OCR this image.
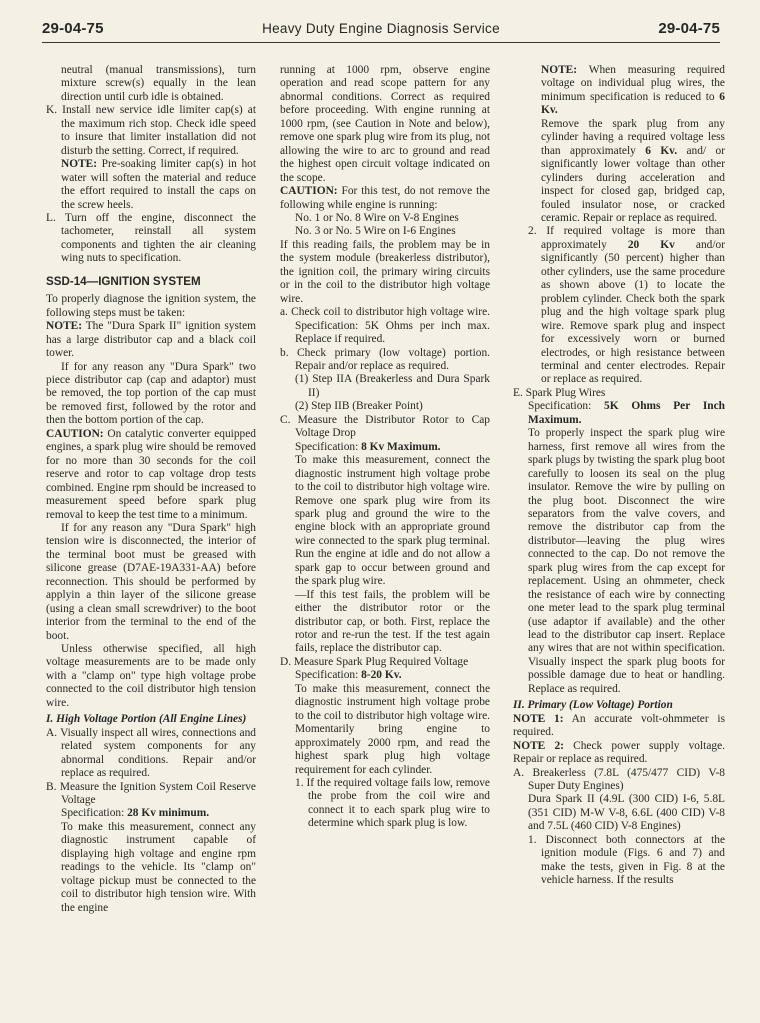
29-04-75	Heavy Duty Engine Diagnosis Service	29-04-75

neutral (manual transmissions), turn mixture screw(s) equally in the lean direction until curb idle is obtained.

K. Install new service idle limiter cap(s) at the maximum rich stop. Check idle speed to insure that limiter installation did not disturb the setting. Correct, if required.

NOTE: Pre-soaking limiter cap(s) in hot water will soften the material and reduce the effort required to install the caps on the screw heels.

L. Turn off the engine, disconnect the tachometer, reinstall all system components and tighten the air cleaning wing nuts to specification.

SSD-14—IGNITION SYSTEM

To properly diagnose the ignition system, the following steps must be taken:

NOTE: The "Dura Spark II" ignition system has a large distributor cap and a black coil tower.

If for any reason any "Dura Spark" two piece distributor cap (cap and adaptor) must be removed, the top portion of the cap must be removed first, followed by the rotor and then the bottom portion of the cap.

CAUTION: On catalytic converter equipped engines, a spark plug wire should be removed for no more than 30 seconds for the coil reserve and rotor to cap voltage drop tests combined. Engine rpm should be increased to measurement speed before spark plug removal to keep the test time to a minimum.

If for any reason any "Dura Spark" high tension wire is disconnected, the interior of the terminal boot must be greased with silicone grease (D7AE-19A331-AA) before reconnection. This should be performed by applyin a thin layer of the silicone grease (using a clean small screwdriver) to the boot interior from the terminal to the end of the boot.

Unless otherwise specified, all high voltage measurements are to be made only with a "clamp on" type high voltage probe connected to the coil distributor high tension wire.

I. High Voltage Portion (All Engine Lines)

A. Visually inspect all wires, connections and related system components for any abnormal conditions. Repair and/or replace as required.

B. Measure the Ignition System Coil Reserve Voltage

Specification: 28 Kv minimum.

To make this measurement, connect any diagnostic instrument capable of displaying high voltage and engine rpm readings to the vehicle. Its "clamp on" voltage pickup must be connected to the coil to distributor high tension wire. With the engine

running at 1000 rpm, observe engine operation and read scope pattern for any abnormal conditions. Correct as required before proceeding. With engine running at 1000 rpm, (see Caution in Note and below), remove one spark plug wire from its plug, not allowing the wire to arc to ground and read the highest open circuit voltage indicated on the scope.

CAUTION: For this test, do not remove the following while engine is running:

No. 1 or No. 8 Wire on V-8 Engines

No. 3 or No. 5 Wire on I-6 Engines

If this reading fails, the problem may be in the system module (breakerless distributor), the ignition coil, the primary wiring circuits or in the coil to the distributor high voltage wire.

a. Check coil to distributor high voltage wire. Specification: 5K Ohms per inch max. Replace if required.

b. Check primary (low voltage) portion. Repair and/or replace as required.

(1) Step IIA (Breakerless and Dura Spark II)

(2) Step IIB (Breaker Point)

C. Measure the Distributor Rotor to Cap Voltage Drop

Specification: 8 Kv Maximum.

To make this measurement, connect the diagnostic instrument high voltage probe to the coil to distributor high voltage wire. Remove one spark plug wire from its spark plug and ground the wire to the engine block with an appropriate ground wire connected to the spark plug terminal. Run the engine at idle and do not allow a spark gap to occur between ground and the spark plug wire.

—If this test fails, the problem will be either the distributor rotor or the distributor cap, or both. First, replace the rotor and re-run the test. If the test again fails, replace the distributor cap.

D. Measure Spark Plug Required Voltage

Specification: 8-20 Kv.

To make this measurement, connect the diagnostic instrument high voltage probe to the coil to distributor high voltage wire. Momentarily bring engine to approximately 2000 rpm, and read the highest spark plug high voltage requirement for each cylinder.

1. If the required voltage fails low, remove the probe from the coil wire and connect it to each spark plug wire to determine which spark plug is low.

NOTE: When measuring required voltage on individual plug wires, the minimum specification is reduced to 6 Kv.

Remove the spark plug from any cylinder having a required voltage less than approximately 6 Kv. and/ or significantly lower voltage than other cylinders during acceleration and inspect for closed gap, bridged cap, fouled insulator nose, or cracked ceramic. Repair or replace as required.

2. If required voltage is more than approximately 20 Kv and/or significantly (50 percent) higher than other cylinders, use the same procedure as shown above (1) to locate the problem cylinder. Check both the spark plug and the high voltage spark plug wire. Remove spark plug and inspect for excessively worn or burned electrodes, or high resistance between terminal and center electrodes. Repair or replace as required.

E. Spark Plug Wires

Specification: 5K Ohms Per Inch Maximum.

To properly inspect the spark plug wire harness, first remove all wires from the spark plugs by twisting the spark plug boot carefully to loosen its seal on the plug insulator. Remove the wire by pulling on the plug boot. Disconnect the wire separators from the valve covers, and remove the distributor cap from the distributor—leaving the plug wires connected to the cap. Do not remove the spark plug wires from the cap except for replacement. Using an ohmmeter, check the resistance of each wire by connecting one meter lead to the spark plug terminal (use adaptor if available) and the other lead to the distributor cap insert. Replace any wires that are not within specification. Visually inspect the spark plug boots for possible damage due to heat or handling. Replace as required.

II. Primary (Low Voltage) Portion

NOTE 1: An accurate volt-ohmmeter is required.

NOTE 2: Check power supply voltage. Repair or replace as required.

A. Breakerless (7.8L (475/477 CID) V-8 Super Duty Engines)

Dura Spark II (4.9L (300 CID) I-6, 5.8L (351 CID) M-W V-8, 6.6L (400 CID) V-8 and 7.5L (460 CID) V-8 Engines)

1. Disconnect both connectors at the ignition module (Figs. 6 and 7) and make the tests, given in Fig. 8 at the vehicle harness. If the results
